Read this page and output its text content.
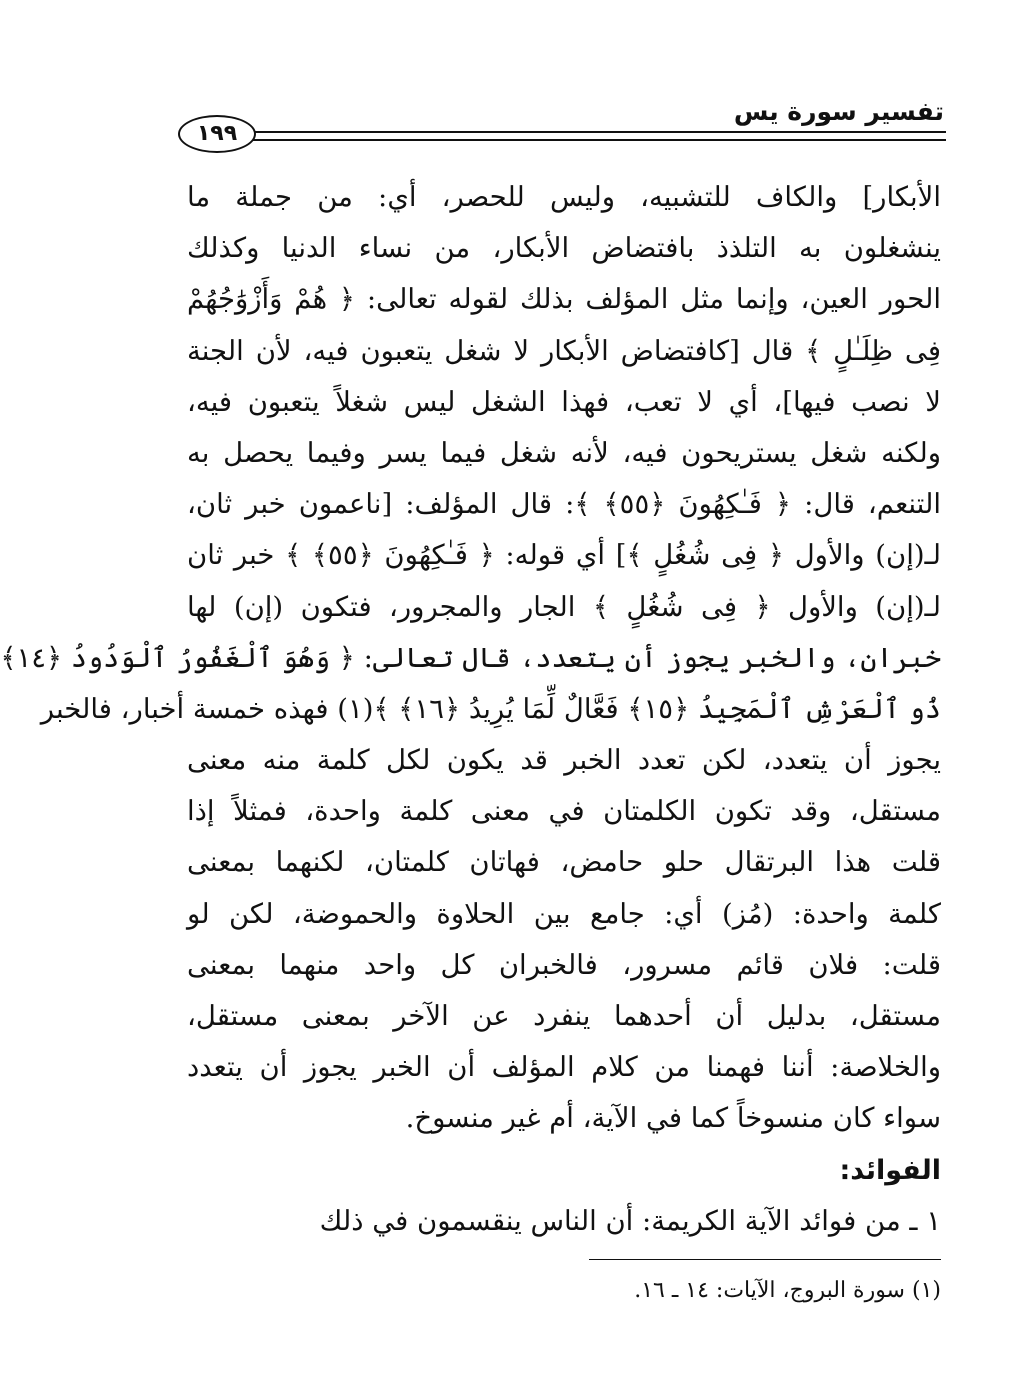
تفسير سورة يس
١٩٩
الأبكار] والكاف للتشبيه، وليس للحصر، أي: من جملة ما
ينشغلون به التلذذ بافتضاض الأبكار، من نساء الدنيا وكذلك
الحور العين، وإنما مثل المؤلف بذلك لقوله تعالى: ﴿ هُمْ وَأَزْوَٰجُهُمْ
فِى ظِلَـٰلٍ ﴾ قال [كافتضاض الأبكار لا شغل يتعبون فيه، لأن الجنة
لا نصب فيها]، أي لا تعب، فهذا الشغل ليس شغلاً يتعبون فيه،
ولكنه شغل يستريحون فيه، لأنه شغل فيما يسر وفيما يحصل به
التنعم، قال: ﴿ فَـٰكِهُونَ ﴿٥٥﴾ ﴾: قال المؤلف: [ناعمون خبر ثان،
لـ(إن) والأول ﴿ فِى شُغُلٍ ﴾] أي قوله: ﴿ فَـٰكِهُونَ ﴿٥٥﴾ ﴾ خبر ثان
لـ(إن) والأول ﴿ فِى شُغُلٍ ﴾ الجار والمجرور، فتكون (إن) لها
خبران، والخبر يجوز أن يتعدد، قال تعالى: ﴿ وَهُوَ ٱلْغَفُورُ ٱلْوَدُودُ ﴿١٤﴾
ذُو ٱلْعَرْشِ ٱلْمَجِيدُ ﴿١٥﴾ فَعَّالٌ لِّمَا يُرِيدُ ﴿١٦﴾ ﴾(١) فهذه خمسة أخبار، فالخبر
يجوز أن يتعدد، لكن تعدد الخبر قد يكون لكل كلمة منه معنى
مستقل، وقد تكون الكلمتان في معنى كلمة واحدة، فمثلاً إذا
قلت هذا البرتقال حلو حامض، فهاتان كلمتان، لكنهما بمعنى
كلمة واحدة: (مُز) أي: جامع بين الحلاوة والحموضة، لكن لو
قلت: فلان قائم مسرور، فالخبران كل واحد منهما بمعنى
مستقل، بدليل أن أحدهما ينفرد عن الآخر بمعنى مستقل،
والخلاصة: أننا فهمنا من كلام المؤلف أن الخبر يجوز أن يتعدد
سواء كان منسوخاً كما في الآية، أم غير منسوخ.
الفوائد:
١ ـ من فوائد الآية الكريمة: أن الناس ينقسمون في ذلك
(١) سورة البروج، الآيات: ١٤ ـ ١٦.
